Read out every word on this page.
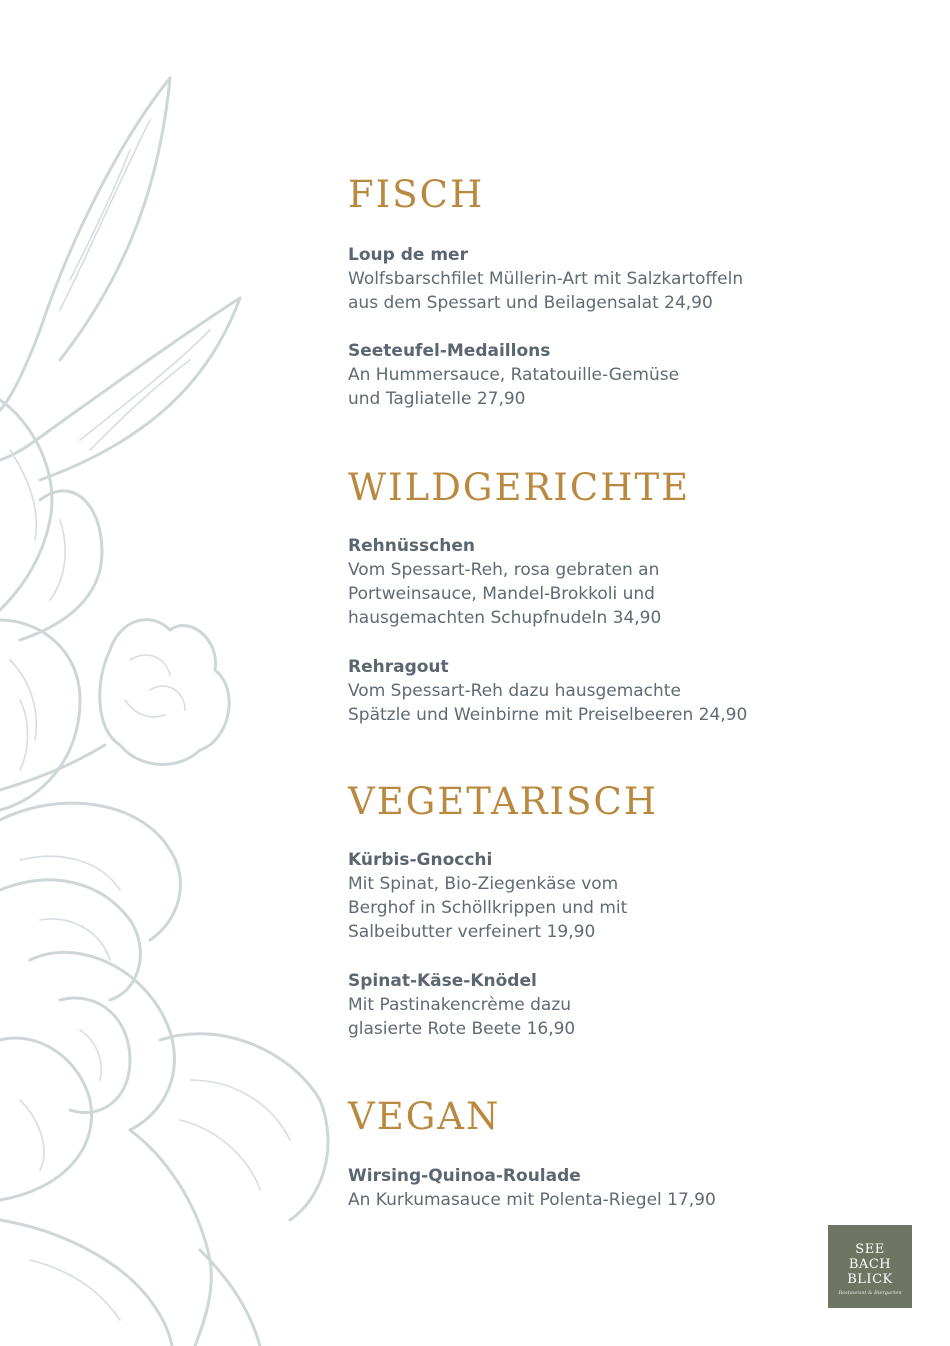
FISCH
Loup de mer
Wolfsbarschfilet Müllerin-Art mit Salzkartoffeln
aus dem Spessart und Beilagensalat 24,90
Seeteufel-Medaillons
An Hummersauce, Ratatouille-Gemüse
und Tagliatelle 27,90
WILDGERICHTE
Rehnüsschen
Vom Spessart-Reh, rosa gebraten an
Portweinsauce, Mandel-Brokkoli und
hausgemachten Schupfnudeln 34,90
Rehragout
Vom Spessart-Reh dazu hausgemachte
Spätzle und Weinbirne mit Preiselbeeren 24,90
VEGETARISCH
Kürbis-Gnocchi
Mit Spinat, Bio-Ziegenkäse vom
Berghof in Schöllkrippen und mit
Salbeibutter verfeinert 19,90
Spinat-Käse-Knödel
Mit Pastinakencrème dazu
glasierte Rote Beete 16,90
VEGAN
Wirsing-Quinoa-Roulade
An Kurkumasauce mit Polenta-Riegel 17,90
SEE
BACH
BLICK
Restaurant & Biergarten
